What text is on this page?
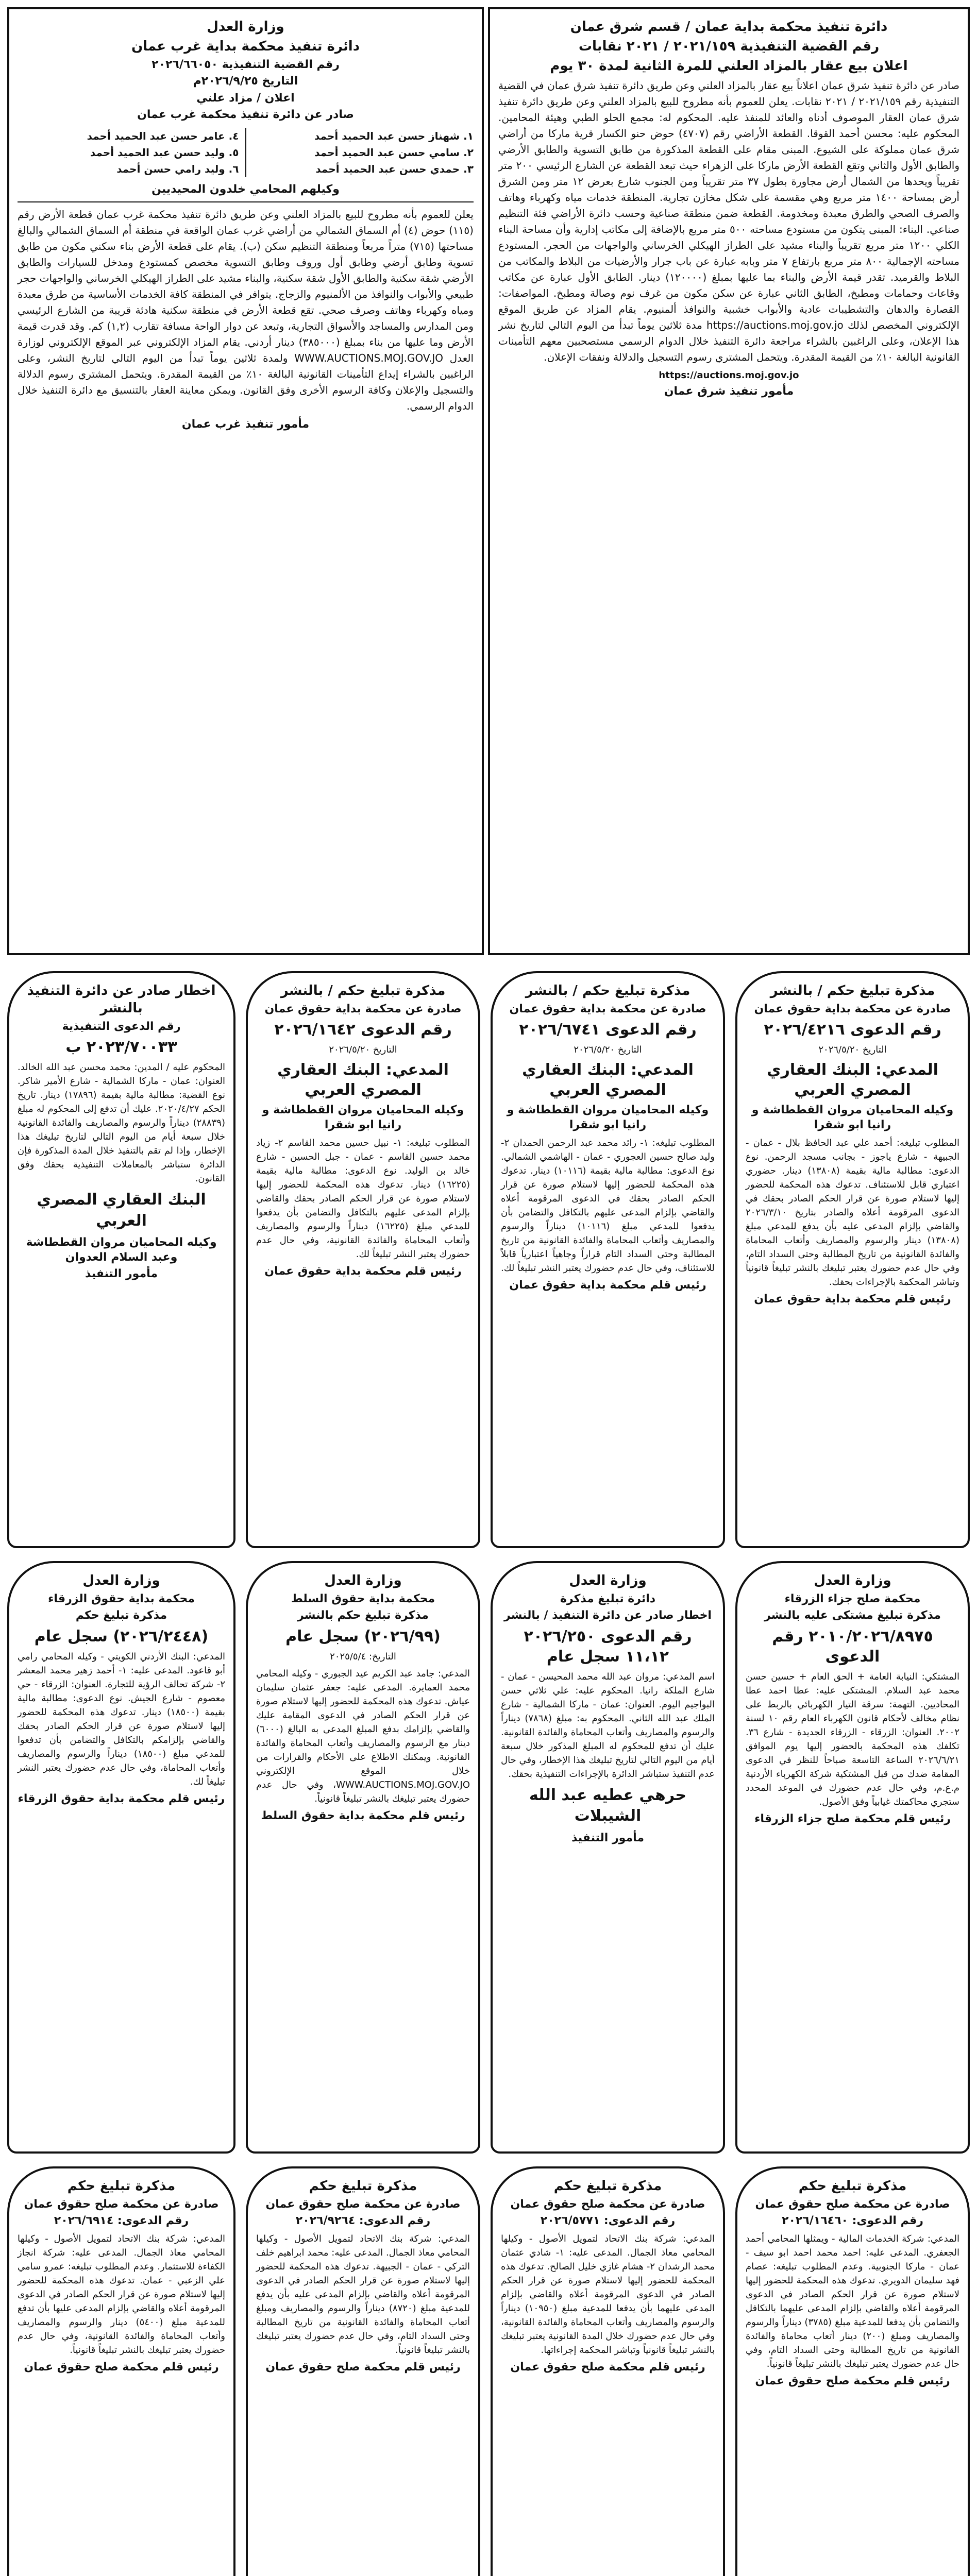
دائرة تنفيذ محكمة بداية عمان / قسم شرق عمان
رقم القضية التنفيذية ٢٠٢١/١٥٩ / ٢٠٢١ نقابات
اعلان بيع عقار بالمزاد العلني للمرة الثانية لمدة ٣٠ يوم
صادر عن دائرة تنفيذ شرق عمان اعلاناً بيع عقار بالمزاد العلني وعن طريق دائرة تنفيذ شرق عمان في القضية التنفيذية رقم ٢٠٢١/١٥٩ / ٢٠٢١ نقابات. يعلن للعموم بأنه مطروح للبيع بالمزاد العلني وعن طريق دائرة تنفيذ شرق عمان العقار الموصوف أدناه والعائد للمنفذ عليه. المحكوم له: مجمع الحلو الطبي وهيئة المحامين. المحكوم عليه: محسن أحمد القوقا. القطعة الأراضي رقم (٤٧٠٧) حوض حنو الكسار قرية ماركا من أراضي شرق عمان مملوكة على الشيوع. المبنى مقام على القطعة المذكورة من طابق التسوية والطابق الأرضي والطابق الأول والثاني وتقع القطعة الأرض ماركا على الزهراء حيث تبعد القطعة عن الشارع الرئيسي ٢٠٠ متر تقريباً ويحدها من الشمال أرض مجاورة بطول ٣٧ متر تقريباً ومن الجنوب شارع بعرض ١٢ متر ومن الشرق أرض بمساحة ١٤٠٠ متر مربع وهي مقسمة على شكل مخازن تجارية. المنطقة خدمات مياه وكهرباء وهاتف والصرف الصحي والطرق معبدة ومخدومة. القطعة ضمن منطقة صناعية وحسب دائرة الأراضي فئة التنظيم صناعي. البناء: المبنى يتكون من مستودع مساحته ٥٠٠ متر مربع بالإضافة إلى مكاتب إدارية وأن مساحة البناء الكلي ١٢٠٠ متر مربع تقريباً والبناء مشيد على الطراز الهيكلي الخرساني والواجهات من الحجر. المستودع مساحته الإجمالية ٨٠٠ متر مربع بارتفاع ٧ متر وبابه عبارة عن باب جرار والأرضيات من البلاط والمكاتب من البلاط والقرميد. تقدر قيمة الأرض والبناء بما عليها بمبلغ (١٢٠٠٠٠) دينار. الطابق الأول عبارة عن مكاتب وقاعات وحمامات ومطبخ، الطابق الثاني عبارة عن سكن مكون من غرف نوم وصالة ومطبخ. المواصفات: القصارة والدهان والتشطيبات عادية والأبواب خشبية والنوافذ ألمنيوم. يقام المزاد عن طريق الموقع الإلكتروني المخصص لذلك https://auctions.moj.gov.jo مدة ثلاثين يوماً تبدأ من اليوم التالي لتاريخ نشر هذا الإعلان، وعلى الراغبين بالشراء مراجعة دائرة التنفيذ خلال الدوام الرسمي مستصحبين معهم التأمينات القانونية البالغة ١٠٪ من القيمة المقدرة. ويتحمل المشتري رسوم التسجيل والدلالة ونفقات الإعلان.
https://auctions.moj.gov.jo
مأمور تنفيذ شرق عمان
وزارة العدل
دائرة تنفيذ محكمة بداية غرب عمان
رقم القضية التنفيذية ٢٠٢٦/٦٦٠٥٠
التاريخ ٢٠٢٦/٩/٢٥م
اعلان / مزاد علني
صادر عن دائرة تنفيذ محكمة غرب عمان
١. شهناز حسن عبد الحميد أحمد
٢. سامي حسن عبد الحميد أحمد
٣. حمدي حسن عبد الحميد أحمد
٤. عامر حسن عبد الحميد أحمد
٥. وليد حسن عبد الحميد أحمد
٦. وليد رامي حسن أحمد
وكيلهم المحامي خلدون المحيديين
يعلن للعموم بأنه مطروح للبيع بالمزاد العلني وعن طريق دائرة تنفيذ محكمة غرب عمان قطعة الأرض رقم (١١٥) حوض (٤) أم السماق الشمالي من أراضي غرب عمان الواقعة في منطقة أم السماق الشمالي والبالغ مساحتها (٧١٥) متراً مربعاً ومنطقة التنظيم سكن (ب). يقام على قطعة الأرض بناء سكني مكون من طابق تسوية وطابق أرضي وطابق أول وروف وطابق التسوية مخصص كمستودع ومدخل للسيارات والطابق الأرضي شقة سكنية والطابق الأول شقة سكنية، والبناء مشيد على الطراز الهيكلي الخرساني والواجهات حجر طبيعي والأبواب والنوافذ من الألمنيوم والزجاج. يتوافر في المنطقة كافة الخدمات الأساسية من طرق معبدة ومياه وكهرباء وهاتف وصرف صحي. تقع قطعة الأرض في منطقة سكنية هادئة قريبة من الشارع الرئيسي ومن المدارس والمساجد والأسواق التجارية، وتبعد عن دوار الواحة مسافة تقارب (١,٢) كم. وقد قدرت قيمة الأرض وما عليها من بناء بمبلغ (٣٨٥٠٠٠) دينار أردني. يقام المزاد الإلكتروني عبر الموقع الإلكتروني لوزارة العدل WWW.AUCTIONS.MOJ.GOV.JO ولمدة ثلاثين يوماً تبدأ من اليوم التالي لتاريخ النشر، وعلى الراغبين بالشراء إيداع التأمينات القانونية البالغة ١٠٪ من القيمة المقدرة. ويتحمل المشتري رسوم الدلالة والتسجيل والإعلان وكافة الرسوم الأخرى وفق القانون. ويمكن معاينة العقار بالتنسيق مع دائرة التنفيذ خلال الدوام الرسمي.
مأمور تنفيذ غرب عمان
مذكرة تبليغ حكم / بالنشر
صادرة عن محكمة بداية حقوق عمان
رقم الدعوى ٢٠٢٦/٤٢١٦
التاريخ ٢٠٢٦/٥/٢٠
المدعي: البنك العقاري المصري العربي
وكيله المحاميان مروان القططاشة و رانيا ابو شقرا
المطلوب تبليغه: أحمد علي عبد الحافظ بلال - عمان - الجبيهة - شارع ياجوز - بجانب مسجد الرحمن. نوع الدعوى: مطالبة مالية بقيمة (١٣٨٠٨) دينار. حضوري اعتباري قابل للاستئناف. تدعوك هذه المحكمة للحضور إليها لاستلام صورة عن قرار الحكم الصادر بحقك في الدعوى المرقومة أعلاه والصادر بتاريخ ٢٠٢٦/٣/١٠ والقاضي بإلزام المدعى عليه بأن يدفع للمدعي مبلغ (١٣٨٠٨) دينار والرسوم والمصاريف وأتعاب المحاماة والفائدة القانونية من تاريخ المطالبة وحتى السداد التام، وفي حال عدم حضورك يعتبر تبليغك بالنشر تبليغاً قانونياً وتباشر المحكمة بالإجراءات بحقك.
رئيس قلم محكمة بداية حقوق عمان
مذكرة تبليغ حكم / بالنشر
صادرة عن محكمة بداية حقوق عمان
رقم الدعوى ٢٠٢٦/٦٧٤١
التاريخ ٢٠٢٦/٥/٢٠
المدعي: البنك العقاري المصري العربي
وكيله المحاميان مروان القططاشة و رانيا ابو شقرا
المطلوب تبليغه: ١- رائد محمد عبد الرحمن الحمدان ٢- وليد صالح حسين العجوري - عمان - الهاشمي الشمالي. نوع الدعوى: مطالبة مالية بقيمة (١٠١١٦) دينار. تدعوك هذه المحكمة للحضور إليها لاستلام صورة عن قرار الحكم الصادر بحقك في الدعوى المرقومة أعلاه والقاضي بإلزام المدعى عليهم بالتكافل والتضامن بأن يدفعوا للمدعي مبلغ (١٠١١٦) ديناراً والرسوم والمصاريف وأتعاب المحاماة والفائدة القانونية من تاريخ المطالبة وحتى السداد التام قراراً وجاهياً اعتبارياً قابلاً للاستئناف، وفي حال عدم حضورك يعتبر النشر تبليغاً لك.
رئيس قلم محكمة بداية حقوق عمان
مذكرة تبليغ حكم / بالنشر
صادرة عن محكمة بداية حقوق عمان
رقم الدعوى ٢٠٢٦/١٦٤٢
التاريخ ٢٠٢٦/٥/٢٠
المدعي: البنك العقاري المصري العربي
وكيله المحاميان مروان القططاشة و رانيا ابو شقرا
المطلوب تبليغه: ١- نبيل حسين محمد القاسم ٢- زياد محمد حسين القاسم - عمان - جبل الحسين - شارع خالد بن الوليد. نوع الدعوى: مطالبة مالية بقيمة (١٦٢٢٥) دينار. تدعوك هذه المحكمة للحضور إليها لاستلام صورة عن قرار الحكم الصادر بحقك والقاضي بإلزام المدعى عليهم بالتكافل والتضامن بأن يدفعوا للمدعي مبلغ (١٦٢٢٥) ديناراً والرسوم والمصاريف وأتعاب المحاماة والفائدة القانونية، وفي حال عدم حضورك يعتبر النشر تبليغاً لك.
رئيس قلم محكمة بداية حقوق عمان
اخطار صادر عن دائرة التنفيذ بالنشر
رقم الدعوى التنفيذية
٢٠٢٣/٧٠٠٣٣ ب
المحكوم عليه / المدين: محمد محسن عبد الله الخالد. العنوان: عمان - ماركا الشمالية - شارع الأمير شاكر. نوع القضية: مطالبة مالية بقيمة (١٧٨٩٦) دينار. تاريخ الحكم ٢٠٢٠/٤/٢٧. عليك أن تدفع إلى المحكوم له مبلغ (٢٨٨٣٩) ديناراً والرسوم والمصاريف والفائدة القانونية خلال سبعة أيام من اليوم التالي لتاريخ تبليغك هذا الإخطار، وإذا لم تقم بالتنفيذ خلال المدة المذكورة فإن الدائرة ستباشر بالمعاملات التنفيذية بحقك وفق القانون.
البنك العقاري المصري العربي
وكيله المحاميان مروان القططاشة وعبد السلام العدوان
مأمور التنفيذ
وزارة العدل
محكمة صلح جزاء الزرقاء
مذكرة تبليغ مشتكى عليه بالنشر
٢٠١٠/٢٠٢٦/٨٩٧٥ رقم الدعوى
المشتكي: النيابة العامة + الحق العام + حسين حسن محمد عبد السلام. المشتكى عليه: عطا احمد عطا المحاديين. التهمة: سرقة التيار الكهربائي بالربط على نظام مخالف لأحكام قانون الكهرباء العام رقم ١٠ لسنة ٢٠٠٢. العنوان: الزرقاء - الزرقاء الجديدة - شارع ٣٦. تكلفك هذه المحكمة بالحضور إليها يوم الموافق ٢٠٢٦/٦/٢١ الساعة التاسعة صباحاً للنظر في الدعوى المقامة ضدك من قبل المشتكية شركة الكهرباء الأردنية م.ع.م، وفي حال عدم حضورك في الموعد المحدد ستجري محاكمتك غيابياً وفق الأصول.
رئيس قلم محكمة صلح جزاء الزرقاء
وزارة العدل
دائرة تبليغ مذكرة
اخطار صادر عن دائرة التنفيذ / بالنشر
رقم الدعوى ٢٠٢٦/٢٥٠ ١١،١٢ سجل عام
اسم المدعي: مروان عبد الله محمد المحيسن - عمان - شارع الملكة رانيا. المحكوم عليه: علي ثلاثي حسن البواجيم اليوم. العنوان: عمان - ماركا الشمالية - شارع الملك عبد الله الثاني. المحكوم به: مبلغ (٧٨٦٨) ديناراً والرسوم والمصاريف وأتعاب المحاماة والفائدة القانونية. عليك أن تدفع للمحكوم له المبلغ المذكور خلال سبعة أيام من اليوم التالي لتاريخ تبليغك هذا الإخطار، وفي حال عدم التنفيذ ستباشر الدائرة بالإجراءات التنفيذية بحقك.
حرهي عطيه عبد الله الشيبلات
مأمور التنفيذ
وزارة العدل
محكمة بداية حقوق السلط
مذكرة تبليغ حكم بالنشر
(٢٠٢٦/٩٩) سجل عام
التاريخ: ٢٠٢٥/٥/٤
المدعي: جامد عبد الكريم عيد الجبوري - وكيله المحامي محمد العمايرة. المدعى عليه: جعفر عثمان سليمان عياش. تدعوك هذه المحكمة للحضور إليها لاستلام صورة عن قرار الحكم الصادر في الدعوى المقامة عليك والقاضي بإلزامك بدفع المبلغ المدعى به البالغ (٦٠٠٠) دينار مع الرسوم والمصاريف وأتعاب المحاماة والفائدة القانونية. ويمكنك الاطلاع على الأحكام والقرارات من خلال الموقع الإلكتروني WWW.AUCTIONS.MOJ.GOV.JO، وفي حال عدم حضورك يعتبر تبليغك بالنشر تبليغاً قانونياً.
رئيس قلم محكمة بداية حقوق السلط
وزارة العدل
محكمة بداية حقوق الزرقاء
مذكرة تبليغ حكم
(٢٠٢٦/٢٤٤٨) سجل عام
المدعي: البنك الأردني الكويتي - وكيله المحامي رامي أبو قاعود. المدعى عليه: ١- أحمد زهير محمد المعشر ٢- شركة تحالف الرؤية للتجارة. العنوان: الزرقاء - حي معصوم - شارع الجيش. نوع الدعوى: مطالبة مالية بقيمة (١٨٥٠٠) دينار. تدعوك هذه المحكمة للحضور إليها لاستلام صورة عن قرار الحكم الصادر بحقك والقاضي بإلزامكم بالتكافل والتضامن بأن تدفعوا للمدعي مبلغ (١٨٥٠٠) ديناراً والرسوم والمصاريف وأتعاب المحاماة، وفي حال عدم حضورك يعتبر النشر تبليغاً لك.
رئيس قلم محكمة بداية حقوق الزرقاء
مذكرة تبليغ حكم
صادرة عن محكمة صلح حقوق عمان
رقم الدعوى: ٢٠٢٦/١٦٤٦٠
المدعي: شركة الخدمات المالية - ويمثلها المحامي أحمد الجعفري. المدعى عليه: احمد محمد احمد ابو سيف - عمان - ماركا الجنوبية. وعدم المطلوب تبليغه: عصام فهد سليمان الدويري. تدعوك هذه المحكمة للحضور إليها لاستلام صورة عن قرار الحكم الصادر في الدعوى المرقومة أعلاه والقاضي بإلزام المدعى عليهما بالتكافل والتضامن بأن يدفعا للمدعية مبلغ (٣٧٨٥) ديناراً والرسوم والمصاريف ومبلغ (٢٠٠) دينار أتعاب محاماة والفائدة القانونية من تاريخ المطالبة وحتى السداد التام، وفي حال عدم حضورك يعتبر تبليغك بالنشر تبليغاً قانونياً.
رئيس قلم محكمة صلح حقوق عمان
مذكرة تبليغ حكم
صادرة عن محكمة صلح حقوق عمان
رقم الدعوى: ٢٠٢٦/٥٧٧١
المدعي: شركة بنك الاتحاد لتمويل الأصول - وكيلها المحامي معاذ الجمال. المدعى عليه: ١- شادي عثمان محمد الرشدان ٢- هشام غازي خليل الصالح. تدعوك هذه المحكمة للحضور إليها لاستلام صورة عن قرار الحكم الصادر في الدعوى المرقومة أعلاه والقاضي بإلزام المدعى عليهما بأن يدفعا للمدعية مبلغ (١٠٩٥٠) ديناراً والرسوم والمصاريف وأتعاب المحاماة والفائدة القانونية، وفي حال عدم حضورك خلال المدة القانونية يعتبر تبليغك بالنشر تبليغاً قانونياً وتباشر المحكمة إجراءاتها.
رئيس قلم محكمة صلح حقوق عمان
مذكرة تبليغ حكم
صادرة عن محكمة صلح حقوق عمان
رقم الدعوى: ٢٠٢٦/٩٢٦٤
المدعي: شركة بنك الاتحاد لتمويل الأصول - وكيلها المحامي معاذ الجمال. المدعى عليه: محمد ابراهيم خلف التركي - عمان - الجبيهة. تدعوك هذه المحكمة للحضور إليها لاستلام صورة عن قرار الحكم الصادر في الدعوى المرقومة أعلاه والقاضي بإلزام المدعى عليه بأن يدفع للمدعية مبلغ (٨٧٢٠) ديناراً والرسوم والمصاريف ومبلغ أتعاب المحاماة والفائدة القانونية من تاريخ المطالبة وحتى السداد التام، وفي حال عدم حضورك يعتبر تبليغك بالنشر تبليغاً قانونياً.
رئيس قلم محكمة صلح حقوق عمان
مذكرة تبليغ حكم
صادرة عن محكمة صلح حقوق عمان
رقم الدعوى: ٢٠٢٦/٦٩١٤
المدعي: شركة بنك الاتحاد لتمويل الأصول - وكيلها المحامي معاذ الجمال. المدعى عليه: شركة انجاز الكفاءة للاستثمار. وعدم المطلوب تبليغه: عمرو سامي علي الزعبي - عمان. تدعوك هذه المحكمة للحضور إليها لاستلام صورة عن قرار الحكم الصادر في الدعوى المرقومة أعلاه والقاضي بإلزام المدعى عليها بأن تدفع للمدعية مبلغ (٥٤٠٠) دينار والرسوم والمصاريف وأتعاب المحاماة والفائدة القانونية، وفي حال عدم حضورك يعتبر تبليغك بالنشر تبليغاً قانونياً.
رئيس قلم محكمة صلح حقوق عمان
